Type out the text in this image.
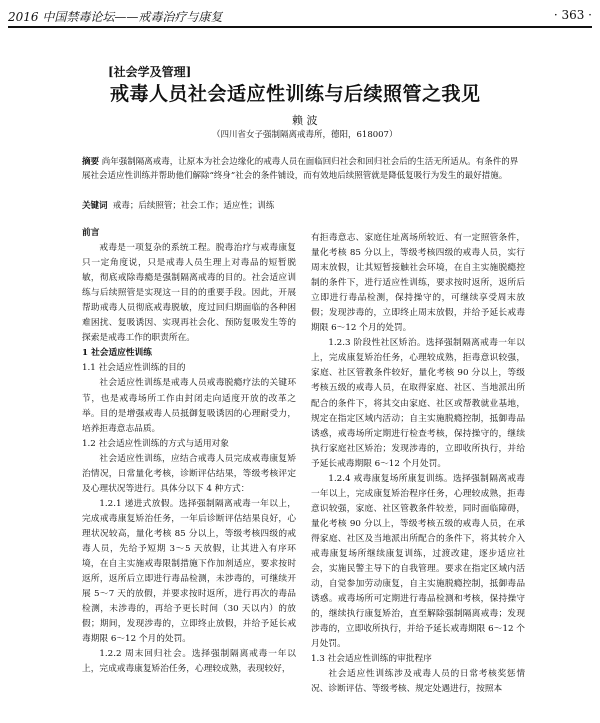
2016 中国禁毒论坛——戒毒治疗与康复	· 363 ·
[社会学及管理]
戒毒人员社会适应性训练与后续照管之我见
赖 波
（四川省女子强制隔离戒毒所，德阳，618007）
摘要 尚年强制隔离戒毒，让原本为社会边缘化的戒毒人员在面临回归社会和回归社会后的生活无所适从。有条件的界展社会适应性训练并帮助他们解除“终身”社会的条件铺设，而有效地后续照管就是降低复吸行为发生的最好措施。
关键词 戒毒；后续照管；社会工作；适应性；训练

前言

戒毒是一项复杂的系统工程。脱毒治疗与戒毒康复只一定角度说，只是戒毒人员生理上对毒品的短暂脱敏，彻底戒除毒瘾是强制隔离戒毒的目的。社会适应训练与后续照管是实现这一目的的重要手段。因此，开展帮助戒毒人员彻底戒毒脱敏，度过回归期面临的各种困难困扰、复吸诱因、实现再社会化、预防复吸发生等的探索是戒毒工作的职责所在。

1 社会适应性训练

1.1 社会适应性训练的目的

社会适应性训练是戒毒人员戒毒脱瘾疗法的关键环节，也是戒毒场所工作由封闭走向适度开放的改革之举。目的是增强戒毒人员抵御复吸诱因的心理耐受力，培养拒毒意志品质。

1.2 社会适应性训练的方式与适用对象

社会适应性训练，应结合戒毒人员完成戒毒康复矫治情况，日常量化考核，诊断评估结果，等级考核评定及心理状况等进行。具体分以下 4 种方式：

1.2.1 递进式放假。选择强制隔离戒毒一年以上，完成戒毒康复矫治任务，一年后诊断评估结果良好，心理状况较高，量化考核 85 分以上，等级考核四级的戒毒人员，先给予短期 3～5 天放假，让其进入有序环境，在自主实施戒毒限制措施下作加剂适应，要求按时返所，返所后立即进行毒品检测，未涉毒的，可继续开展 5～7 天的放假，并要求按时返所，进行再次的毒品检测，未涉毒的，再给予更长时间（30 天以内）的放假；期间，发现涉毒的，立即终止放假，并给予延长戒毒期限 6～12 个月的处罚。

1.2.2 周末回归社会。选择强制隔离戒毒一年以上，完成戒毒康复矫治任务，心理较成熟，表现较好，

有拒毒意志、家庭住址离场所较近、有一定照管条件，量化考核 85 分以上，等级考核四级的戒毒人员，实行周末放假，让其短暂接触社会环境，在自主实施脱瘾控制的条件下，进行适应性训练，要求按时返所，返所后立即进行毒品检测，保持操守的，可继续享受周末放假；发现涉毒的，立即终止周末放假，并给予延长戒毒期限 6～12 个月的处罚。

1.2.3 阶段性社区矫治。选择强制隔离戒毒一年以上，完成康复矫治任务，心理较成熟，拒毒意识较强，家庭、社区管教条件较好，量化考核 90 分以上，等级考核五级的戒毒人员，在取得家庭、社区、当地派出所配合的条件下，将其交由家庭、社区或帮教就业基地，规定在指定区域内活动；自主实施脱瘾控制，抵御毒品诱惑，戒毒场所定期进行检查考核，保持操守的，继续执行家庭社区矫治；发现涉毒的，立即收所执行，并给予延长戒毒期限 6～12 个月处罚。

1.2.4 戒毒康复场所康复训练。选择强制隔离戒毒一年以上，完成康复矫治程序任务，心理较成熟，拒毒意识较强，家庭、社区管教条件较差，同时面临障碍，量化考核 90 分以上，等级考核五级的戒毒人员，在承得家庭、社区及当地派出所配合的条件下，将其转介入戒毒康复场所继续康复训练，过渡改建，逐步适应社会，实施民警主导下的自我管理。要求在指定区域内活动，自觉参加劳动康复，自主实施脱瘾控制，抵御毒品诱惑。戒毒场所可定期进行毒品检测和考核，保持操守的，继续执行康复矫治，直至解除强制隔离戒毒；发现涉毒的，立即收所执行，并给予延长戒毒期限 6～12 个月处罚。

1.3 社会适应性训练的审批程序

社会适应性训练涉及戒毒人员的日常考核奖惩情况、诊断评估、等级考核、规定处遇进行，按照本
